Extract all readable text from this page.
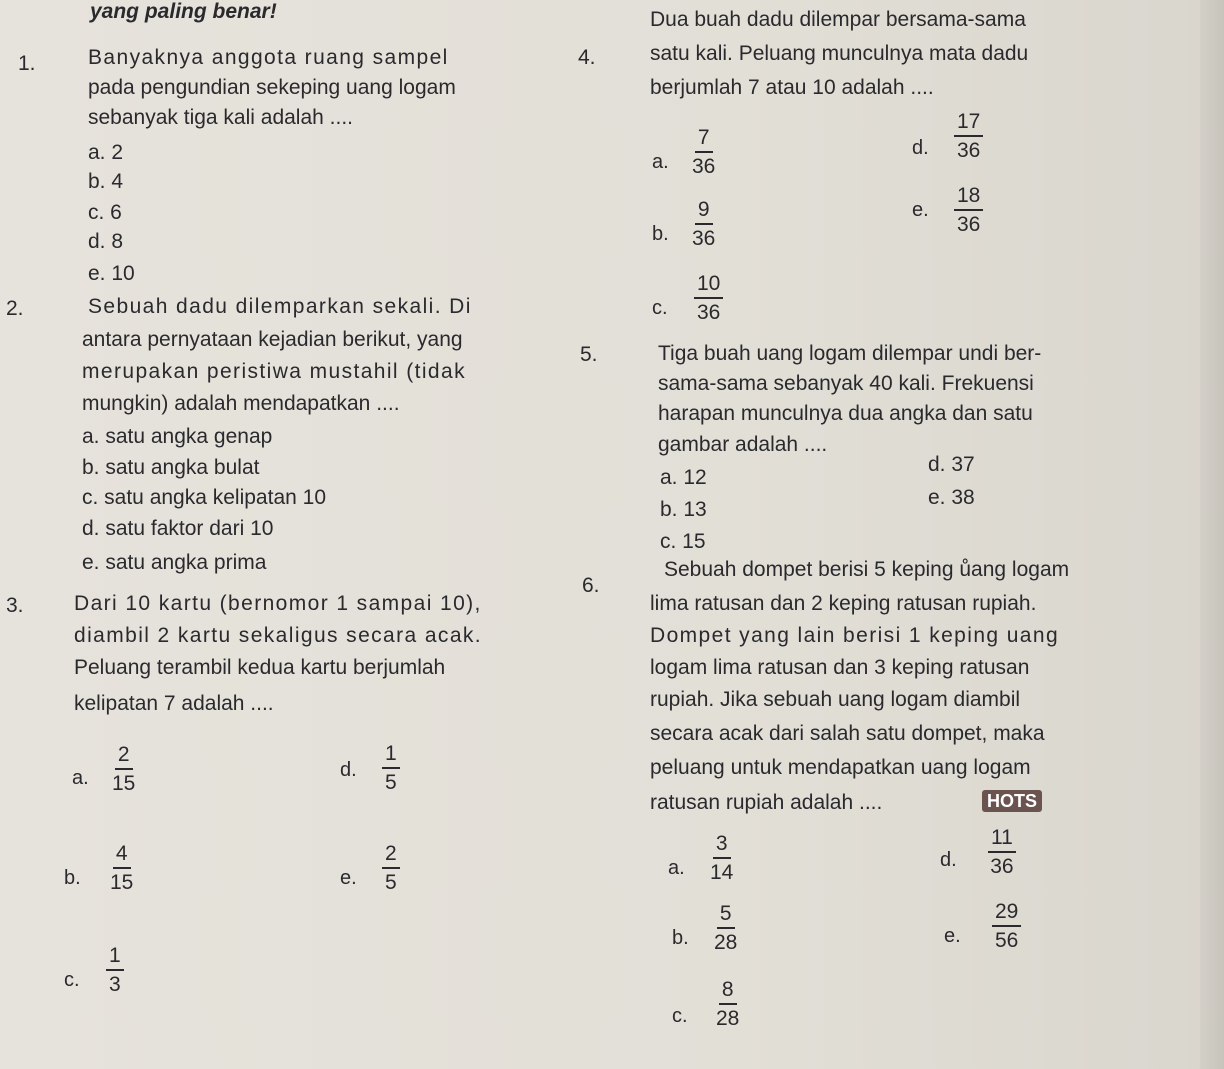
yang paling benar!
1. Banyaknya anggota ruang sampel
pada pengundian sekeping uang logam
sebanyak tiga kali adalah ....
a. 2
b. 4
c. 6
d. 8
e. 10
2.	Sebuah dadu dilemparkan sekali. Di
antara pernyataan kejadian berikut, yang
merupakan peristiwa mustahil (tidak
mungkin) adalah mendapatkan ....
a. satu angka genap
b. satu angka bulat
c. satu angka kelipatan 10
d. satu faktor dari 10
e. satu angka prima
3. Dari 10 kartu (bernomor 1 sampai 10),
diambil 2 kartu sekaligus secara acak.
Peluang terambil kedua kartu berjumlah
kelipatan 7 adalah ....
a. $\frac{2}{15}$
b. $\frac{4}{15}$
c. $\frac{1}{3}$
d. $\frac{1}{5}$
e. $\frac{2}{5}$
4.
Dua buah dadu dilempar bersama-sama
satu kali. Peluang munculnya mata dadu
berjumlah 7 atau 10 adalah ....
a. $\frac{7}{36}$
b. $\frac{9}{36}$
c. $\frac{10}{36}$
d. $\frac{17}{36}$
e. $\frac{18}{36}$
5.	Tiga buah uang logam dilempar undi ber-
sama-sama sebanyak 40 kali. Frekuensi
harapan munculnya dua angka dan satu
gambar adalah ....
a. 12
b. 13
c. 15
d. 37
e. 38
6.
Sebuah dompet berisi 5 keping ůang logam
lima ratusan dan 2 keping ratusan rupiah.
Dompet yang lain berisi 1 keping uang
logam lima ratusan dan 3 keping ratusan
rupiah. Jika sebuah uang logam diambil
secara acak dari salah satu dompet, maka
peluang untuk mendapatkan uang logam
ratusan rupiah adalah ....	HOTS
a. $\frac{3}{14}$
b. $\frac{5}{28}$
c. $\frac{8}{28}$
d. $\frac{11}{36}$
e. $\frac{29}{56}$
